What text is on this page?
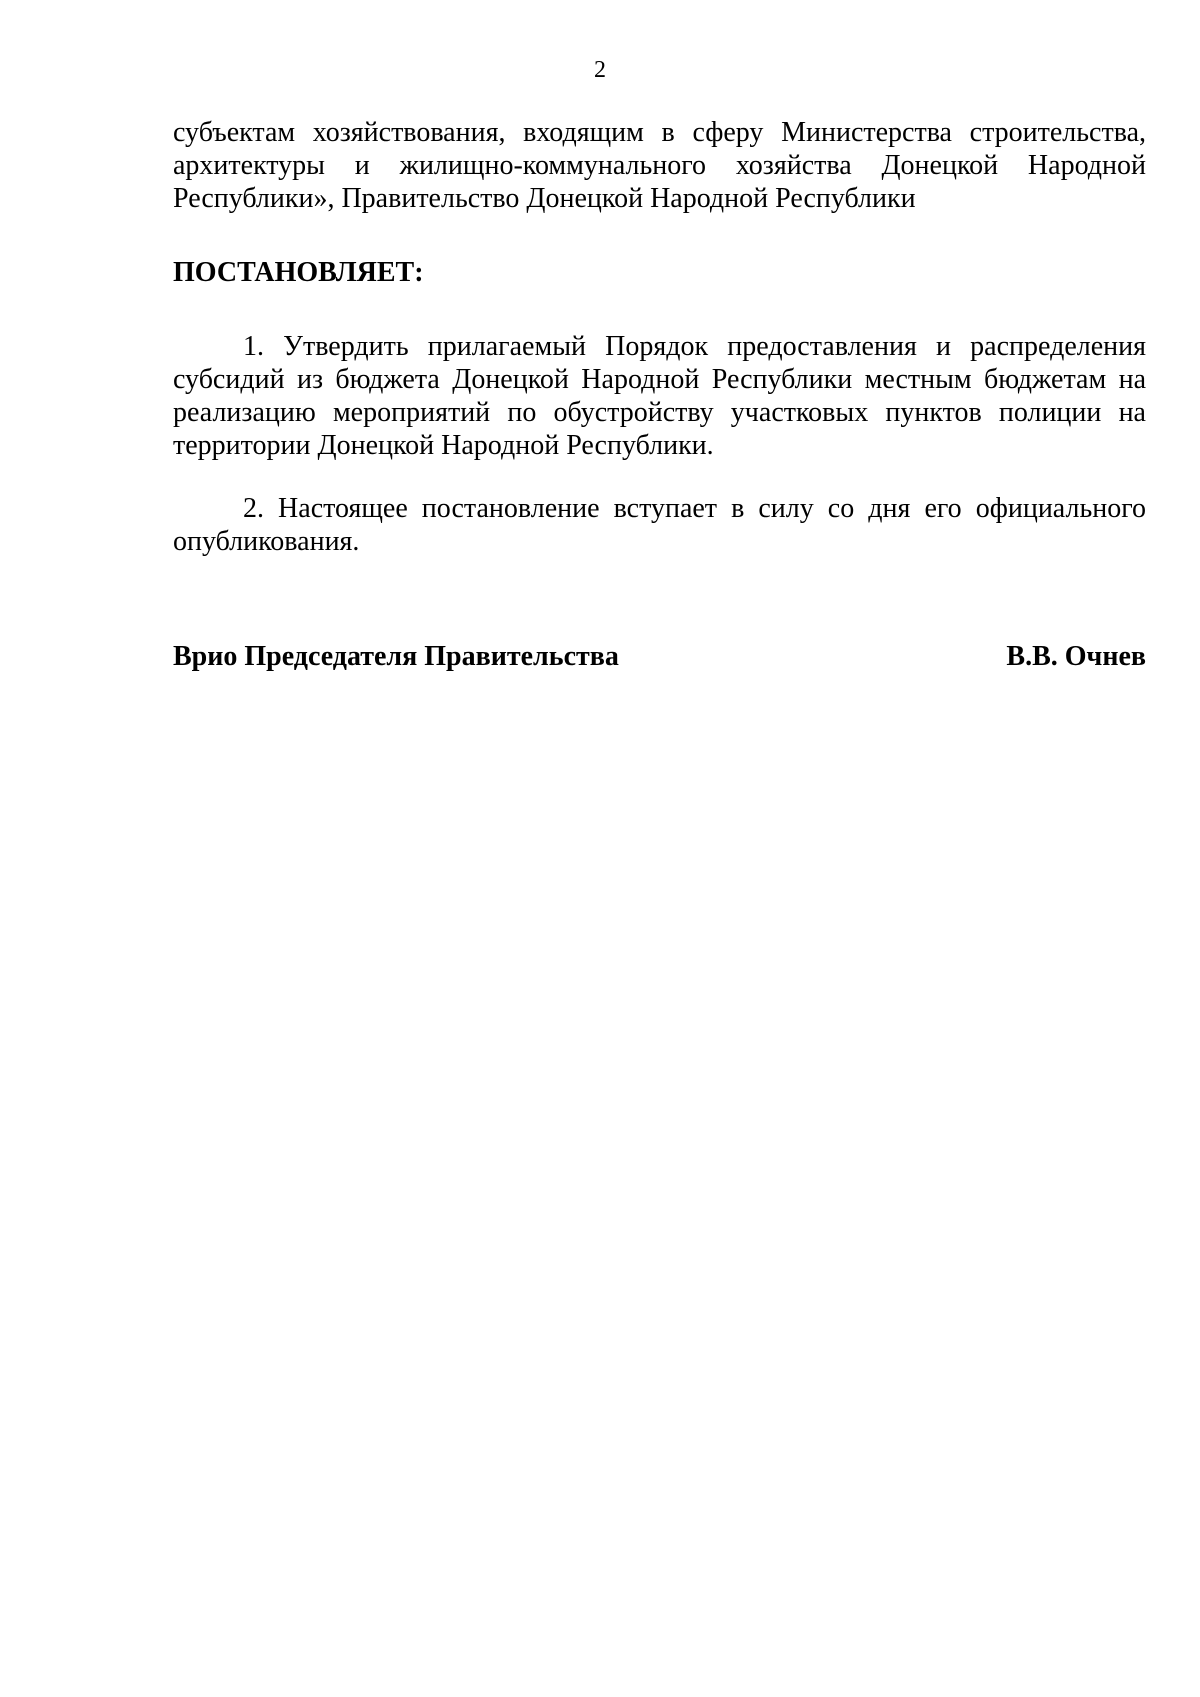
2

субъектам хозяйствования, входящим в сферу Министерства строительства, архитектуры и жилищно-коммунального хозяйства Донецкой Народной Республики», Правительство Донецкой Народной Республики

ПОСТАНОВЛЯЕТ:

1. Утвердить прилагаемый Порядок предоставления и распределения субсидий из бюджета Донецкой Народной Республики местным бюджетам на реализацию мероприятий по обустройству участковых пунктов полиции на территории Донецкой Народной Республики.

2. Настоящее постановление вступает в силу со дня его официального опубликования.

Врио Председателя Правительства	В.В. Очнев
